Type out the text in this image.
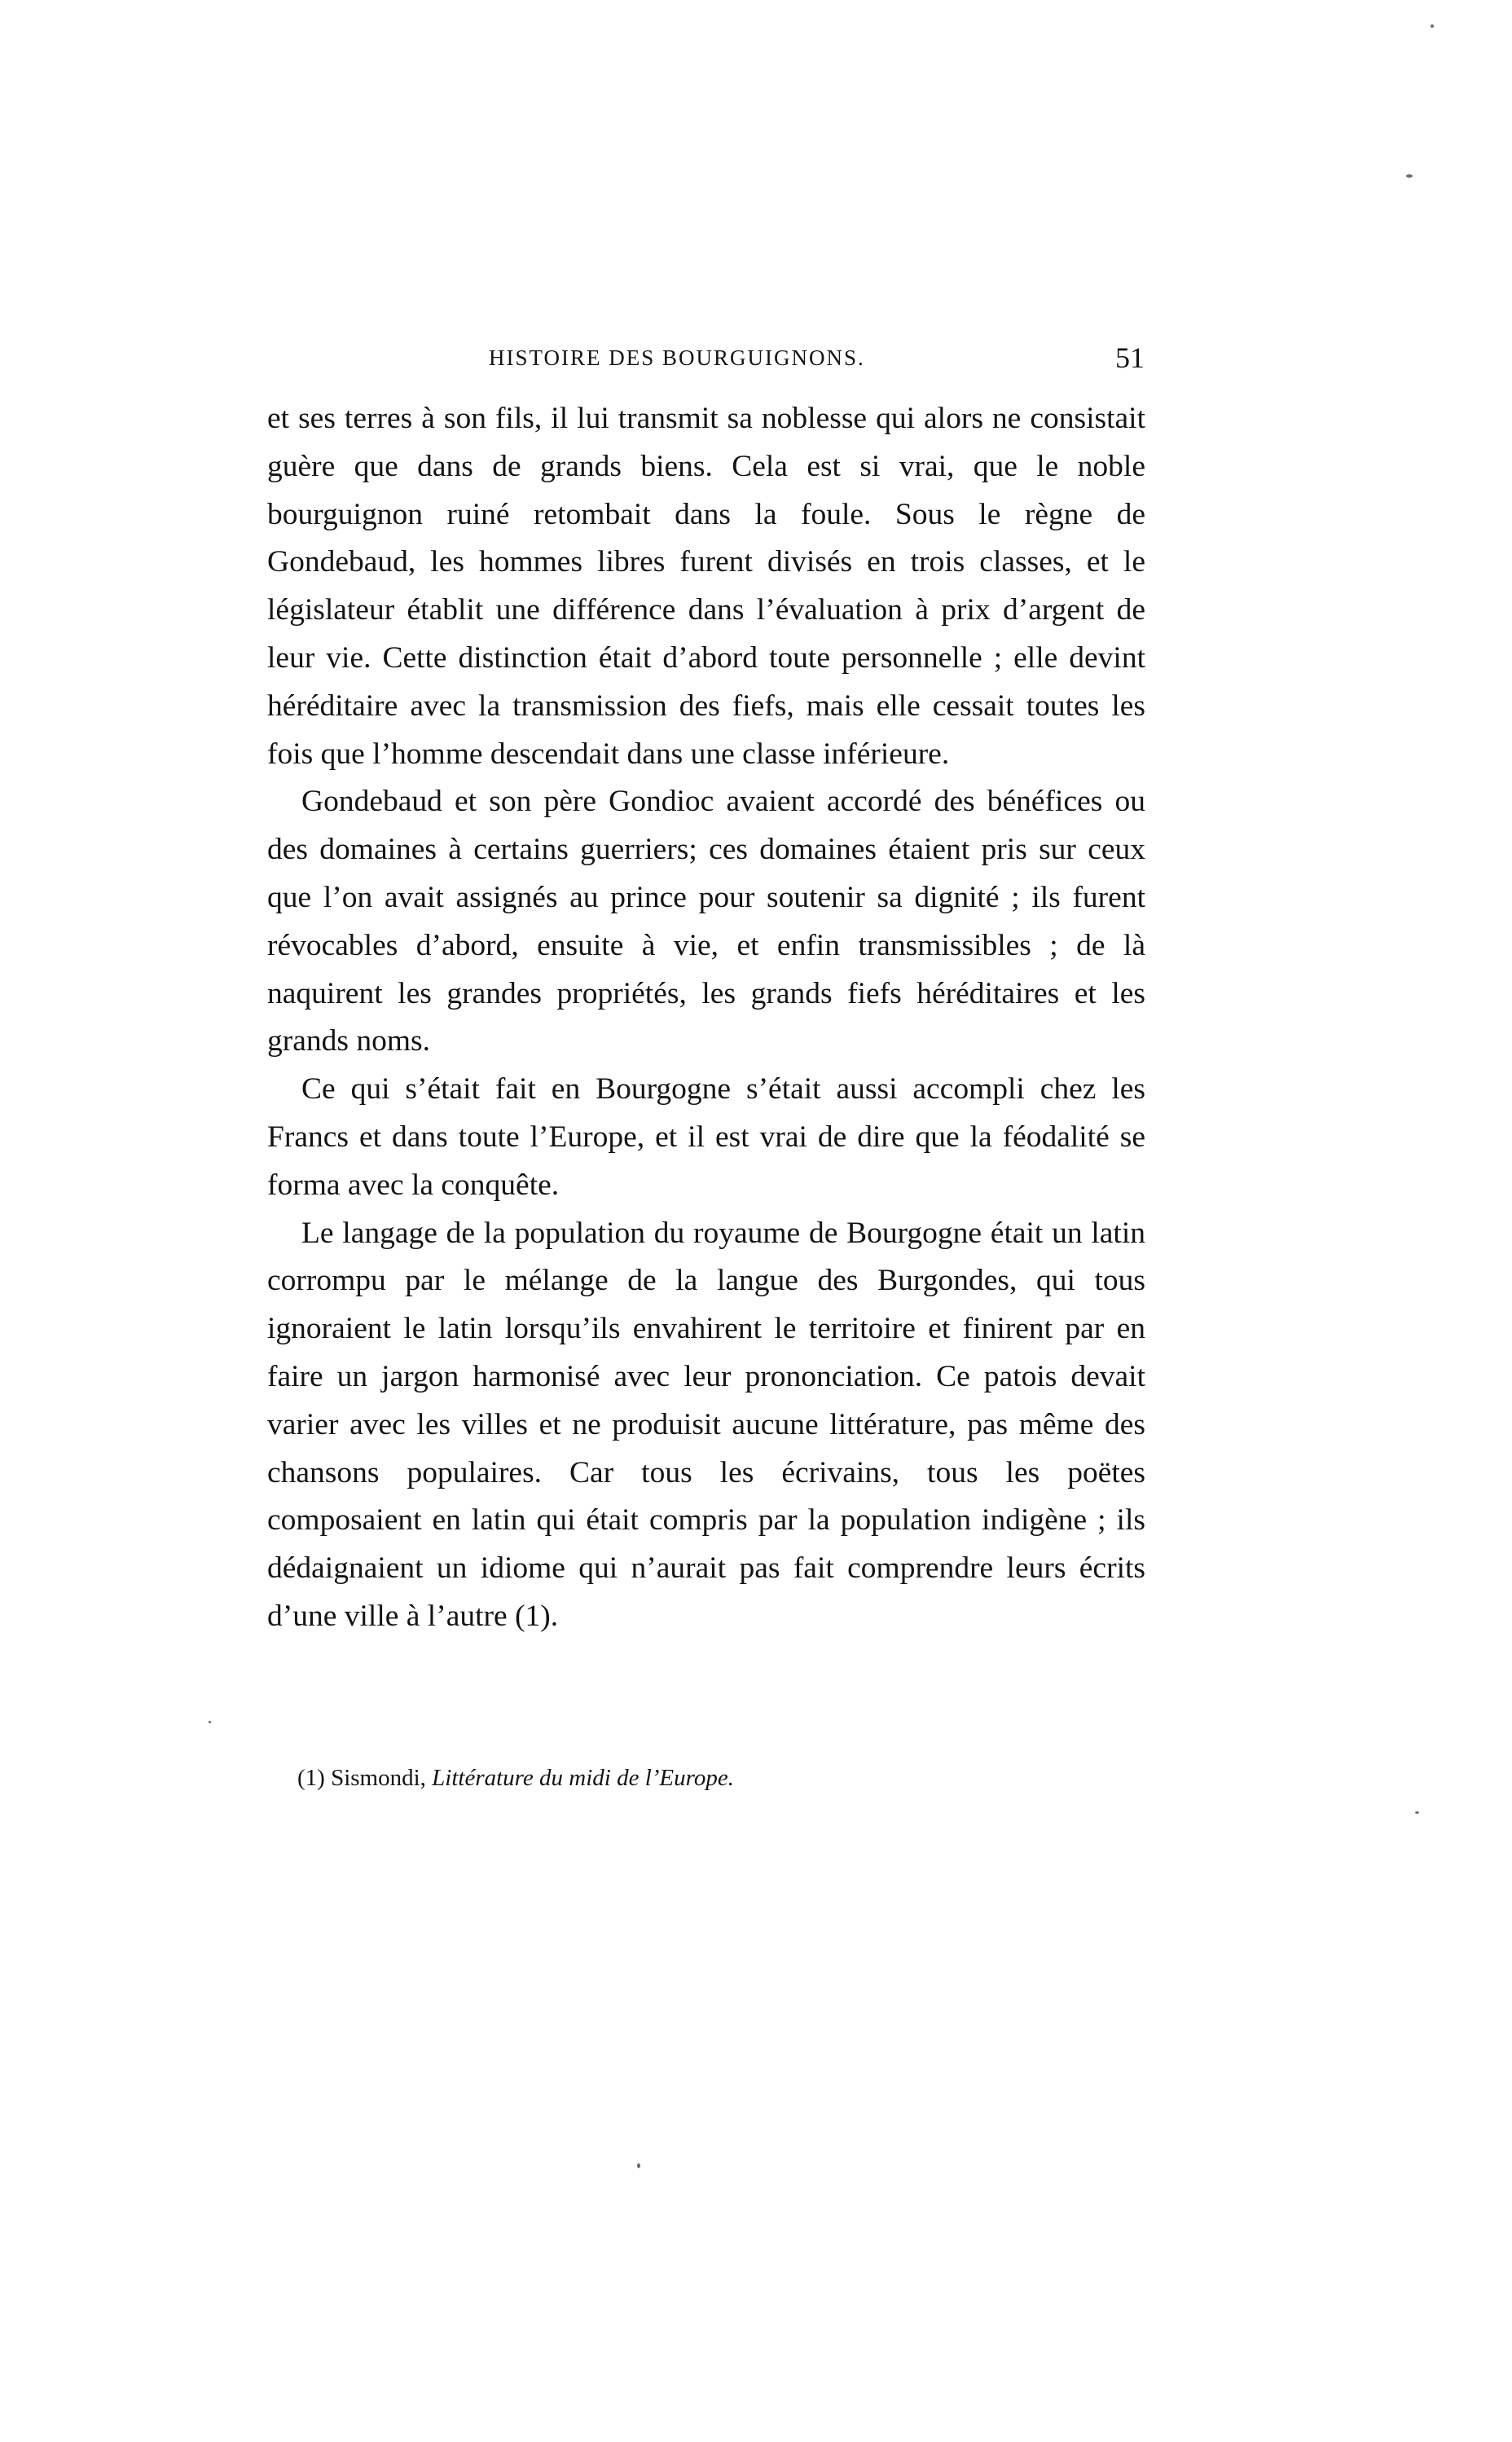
HISTOIRE DES BOURGUIGNONS.	51

et ses terres à son fils, il lui transmit sa noblesse qui alors ne consistait guère que dans de grands biens. Cela est si vrai, que le noble bourguignon ruiné retombait dans la foule. Sous le règne de Gondebaud, les hommes libres furent divisés en trois classes, et le législateur établit une différence dans l’évaluation à prix d’argent de leur vie. Cette distinction était d’abord toute personnelle ; elle devint héréditaire avec la transmission des fiefs, mais elle cessait toutes les fois que l’homme descendait dans une classe inférieure.

Gondebaud et son père Gondioc avaient accordé des bénéfices ou des domaines à certains guerriers; ces domaines étaient pris sur ceux que l’on avait assignés au prince pour soutenir sa dignité ; ils furent révocables d’abord, ensuite à vie, et enfin transmissibles ; de là naquirent les grandes propriétés, les grands fiefs héréditaires et les grands noms.

Ce qui s’était fait en Bourgogne s’était aussi accompli chez les Francs et dans toute l’Europe, et il est vrai de dire que la féodalité se forma avec la conquête.

Le langage de la population du royaume de Bourgogne était un latin corrompu par le mélange de la langue des Burgondes, qui tous ignoraient le latin lorsqu’ils envahirent le territoire et finirent par en faire un jargon harmonisé avec leur prononciation. Ce patois devait varier avec les villes et ne produisit aucune littérature, pas même des chansons populaires. Car tous les écrivains, tous les poëtes composaient en latin qui était compris par la population indigène ; ils dédaignaient un idiome qui n’aurait pas fait comprendre leurs écrits d’une ville à l’autre (1).

(1) Sismondi, Littérature du midi de l’Europe.
